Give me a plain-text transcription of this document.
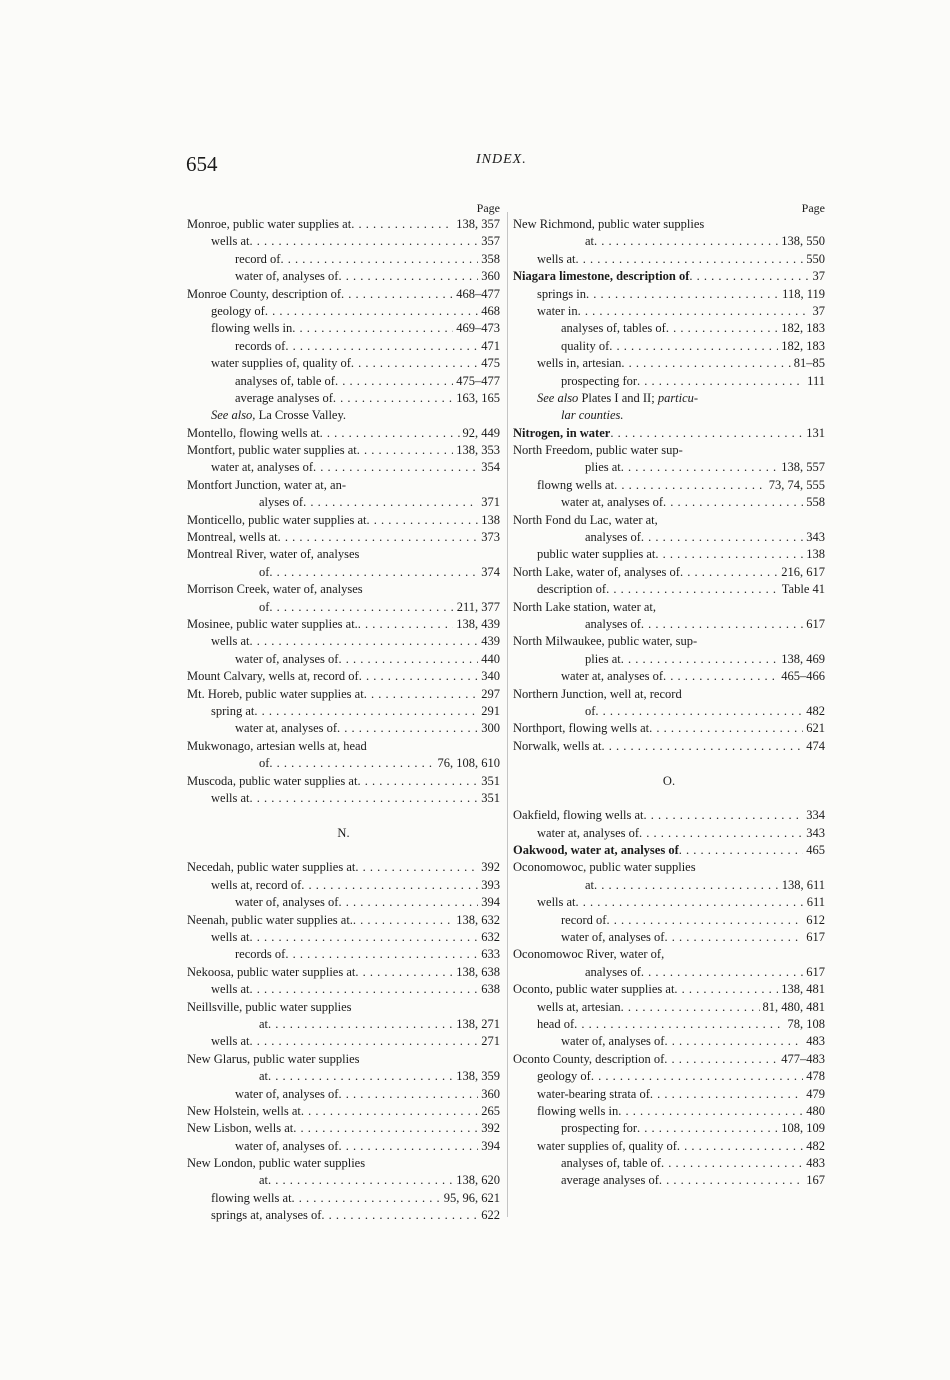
654	INDEX.
Page
Monroe, public water supplies at . . .	138, 357
wells at . . .	357
record of . . .	358
water of, analyses of . . .	360
Monroe County, description of . . .	468–477
geology of . . .	468
flowing wells in . . .	469–473
records of . . .	471
water supplies of, quality of . . .	475
analyses of, table of . . .	475–477
average analyses of . . .	163, 165
See also, La Crosse Valley.
Montello, flowing wells at . . .	92, 449
Montfort, public water supplies at . . .	138, 353
water at, analyses of . . .	354
Montfort Junction, water at, an-
alyses of . . .	371
Monticello, public water supplies at . . .	138
Montreal, wells at . . .	373
Montreal River, water of, analyses
of . . .	374
Morrison Creek, water of, analyses
of . . .	211, 377
Mosinee, public water supplies at. . . .	138, 439
wells at . . .	439
water of, analyses of . . .	440
Mount Calvary, wells at, record of . . .	340
Mt. Horeb, public water supplies at . . .	297
spring at . . .	291
water at, analyses of . . .	300
Mukwonago, artesian wells at, head
of . . .	76, 108, 610
Muscoda, public water supplies at . . .	351
wells at . . .	351
N.
Necedah, public water supplies at . . .	392
wells at, record of . . .	393
water of, analyses of . . .	394
Neenah, public water supplies at. . . .	138, 632
wells at . . .	632
records of . . .	633
Nekoosa, public water supplies at . . .	138, 638
wells at . . .	638
Neillsville, public water supplies
at . . .	138, 271
wells at . . .	271
New Glarus, public water supplies
at . . .	138, 359
water of, analyses of . . .	360
New Holstein, wells at . . .	265
New Lisbon, wells at . . .	392
water of, analyses of . . .	394
New London, public water supplies
at . . .	138, 620
flowing wells at . . .	95, 96, 621
springs at, analyses of . . .	622
Page
New Richmond, public water supplies
at . . .	138, 550
wells at . . .	550
Niagara limestone, description of . . .	37
springs in . . .	118, 119
water in . . .	37
analyses of, tables of . . .	182, 183
quality of . . .	182, 183
wells in, artesian . . .	81–85
prospecting for . . .	111
See also Plates I and II; particu-
lar counties.
Nitrogen, in water . . .	131
North Freedom, public water sup-
plies at . . .	138, 557
flowng wells at . . .	73, 74, 555
water at, analyses of . . .	558
North Fond du Lac, water at,
analyses of . . .	343
public water supplies at . . .	138
North Lake, water of, analyses of . . .	216, 617
description of . . .	Table 41
North Lake station, water at,
analyses of . . .	617
North Milwaukee, public water, sup-
plies at . . .	138, 469
water at, analyses of . . .	465–466
Northern Junction, well at, record
of . . .	482
Northport, flowing wells at . . .	621
Norwalk, wells at . . .	474
O.
Oakfield, flowing wells at . . .	334
water at, analyses of . . .	343
Oakwood, water at, analyses of . . .	465
Oconomowoc, public water supplies
at . . .	138, 611
wells at . . .	611
record of . . .	612
water of, analyses of . . .	617
Oconomowoc River, water of,
analyses of . . .	617
Oconto, public water supplies at . . .	138, 481
wells at, artesian . . .	81, 480, 481
head of . . .	78, 108
water of, analyses of . . .	483
Oconto County, description of . . .	477–483
geology of . . .	478
water-bearing strata of . . .	479
flowing wells in . . .	480
prospecting for . . .	108, 109
water supplies of, quality of . . .	482
analyses of, table of . . .	483
average analyses of . . .	167
